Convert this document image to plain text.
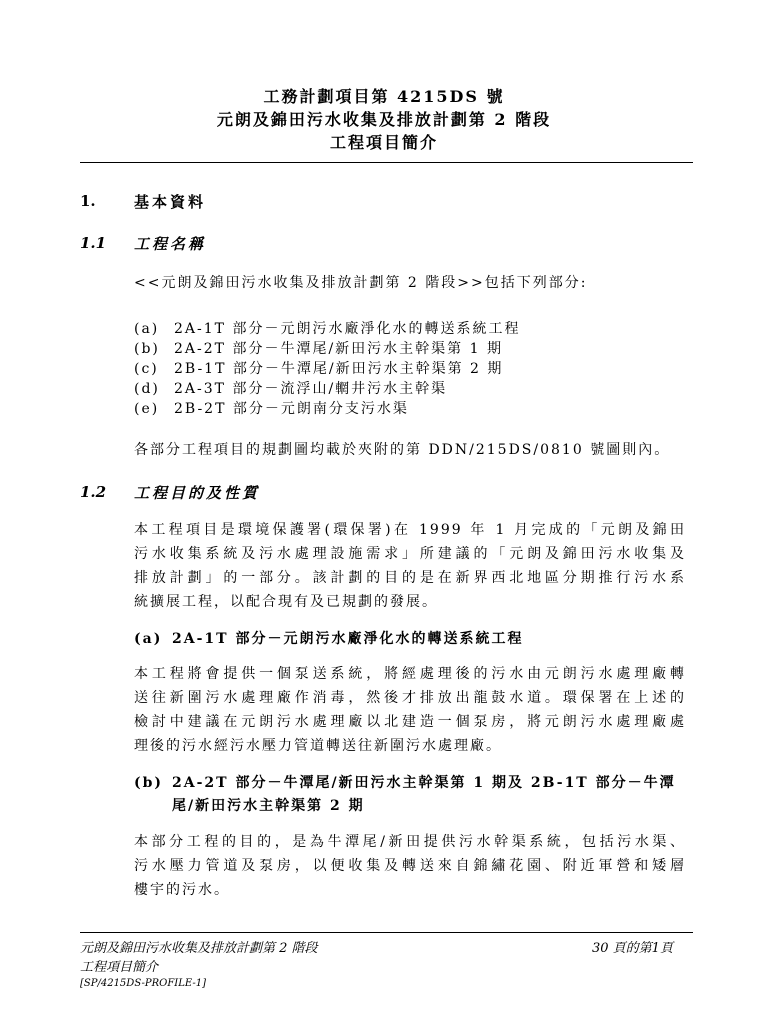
工務計劃項目第 4215DS 號
元朗及錦田污水收集及排放計劃第 2 階段
工程項目簡介
1.	基本資料
1.1 工程名稱
<<元朗及錦田污水收集及排放計劃第 2 階段>>包括下列部分:
(a) 2A-1T 部分－元朗污水廠淨化水的轉送系統工程
(b) 2A-2T 部分－牛潭尾/新田污水主幹渠第 1 期
(c) 2B-1T 部分－牛潭尾/新田污水主幹渠第 2 期
(d) 2A-3T 部分－流浮山/輞井污水主幹渠
(e) 2B-2T 部分－元朗南分支污水渠
各部分工程項目的規劃圖均載於夾附的第 DDN/215DS/0810 號圖則內。
1.2 工程目的及性質
本工程項目是環境保護署(環保署)在 1999 年 1 月完成的「元朗及錦田
污水收集系統及污水處理設施需求」所建議的「元朗及錦田污水收集及
排放計劃」的一部分。該計劃的目的是在新界西北地區分期推行污水系
統擴展工程，以配合現有及已規劃的發展。
(a) 2A-1T 部分－元朗污水廠淨化水的轉送系統工程
本工程將會提供一個泵送系統，將經處理後的污水由元朗污水處理廠轉
送往新圍污水處理廠作消毒，然後才排放出龍鼓水道。環保署在上述的
檢討中建議在元朗污水處理廠以北建造一個泵房，將元朗污水處理廠處
理後的污水經污水壓力管道轉送往新圍污水處理廠。
(b) 2A-2T 部分－牛潭尾/新田污水主幹渠第 1 期及 2B-1T 部分－牛潭
尾/新田污水主幹渠第 2 期
本部分工程的目的，是為牛潭尾/新田提供污水幹渠系統，包括污水渠、
污水壓力管道及泵房，以便收集及轉送來自錦繡花園、附近軍營和矮層
樓宇的污水。
元朗及錦田污水收集及排放計劃第 2 階段
工程項目簡介
[SP/4215DS-PROFILE-1]
30 頁的第1頁
